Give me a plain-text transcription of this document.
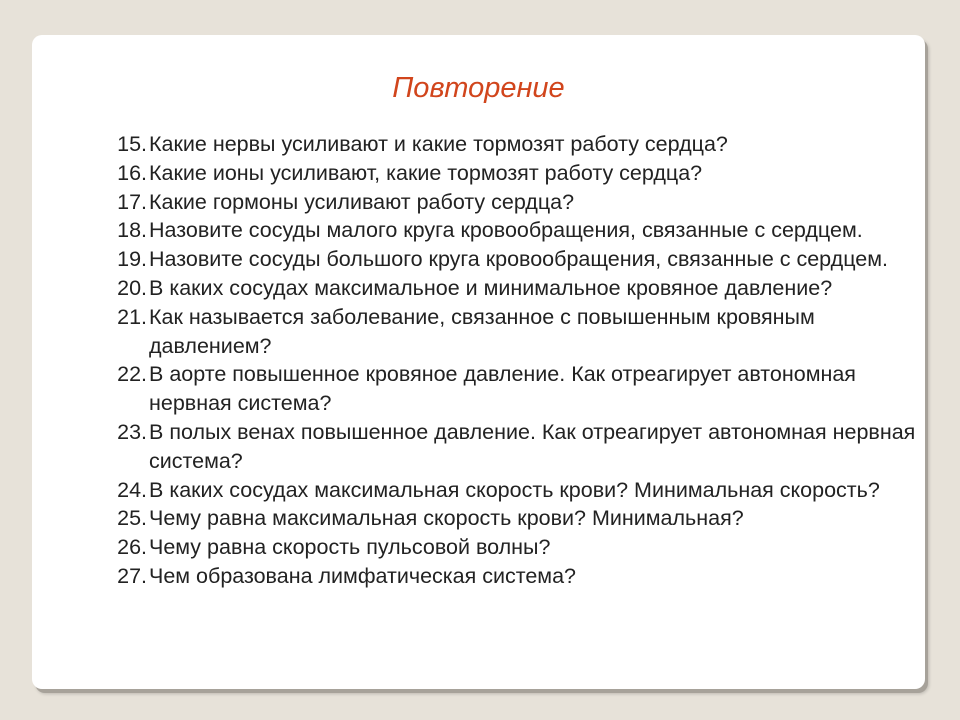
Повторение
15. Какие нервы усиливают и какие тормозят работу сердца?
16. Какие ионы усиливают, какие тормозят работу сердца?
17. Какие гормоны усиливают работу сердца?
18. Назовите сосуды малого круга кровообращения, связанные с сердцем.
19. Назовите сосуды большого круга кровообращения, связанные с сердцем.
20. В каких сосудах максимальное и минимальное кровяное давление?
21. Как называется заболевание, связанное с повышенным кровяным давлением?
22. В аорте повышенное кровяное давление. Как отреагирует автономная нервная система?
23. В полых венах повышенное давление. Как отреагирует автономная нервная система?
24. В каких сосудах максимальная скорость крови? Минимальная скорость?
25. Чему равна максимальная скорость крови? Минимальная?
26. Чему равна скорость пульсовой волны?
27. Чем образована лимфатическая система?
